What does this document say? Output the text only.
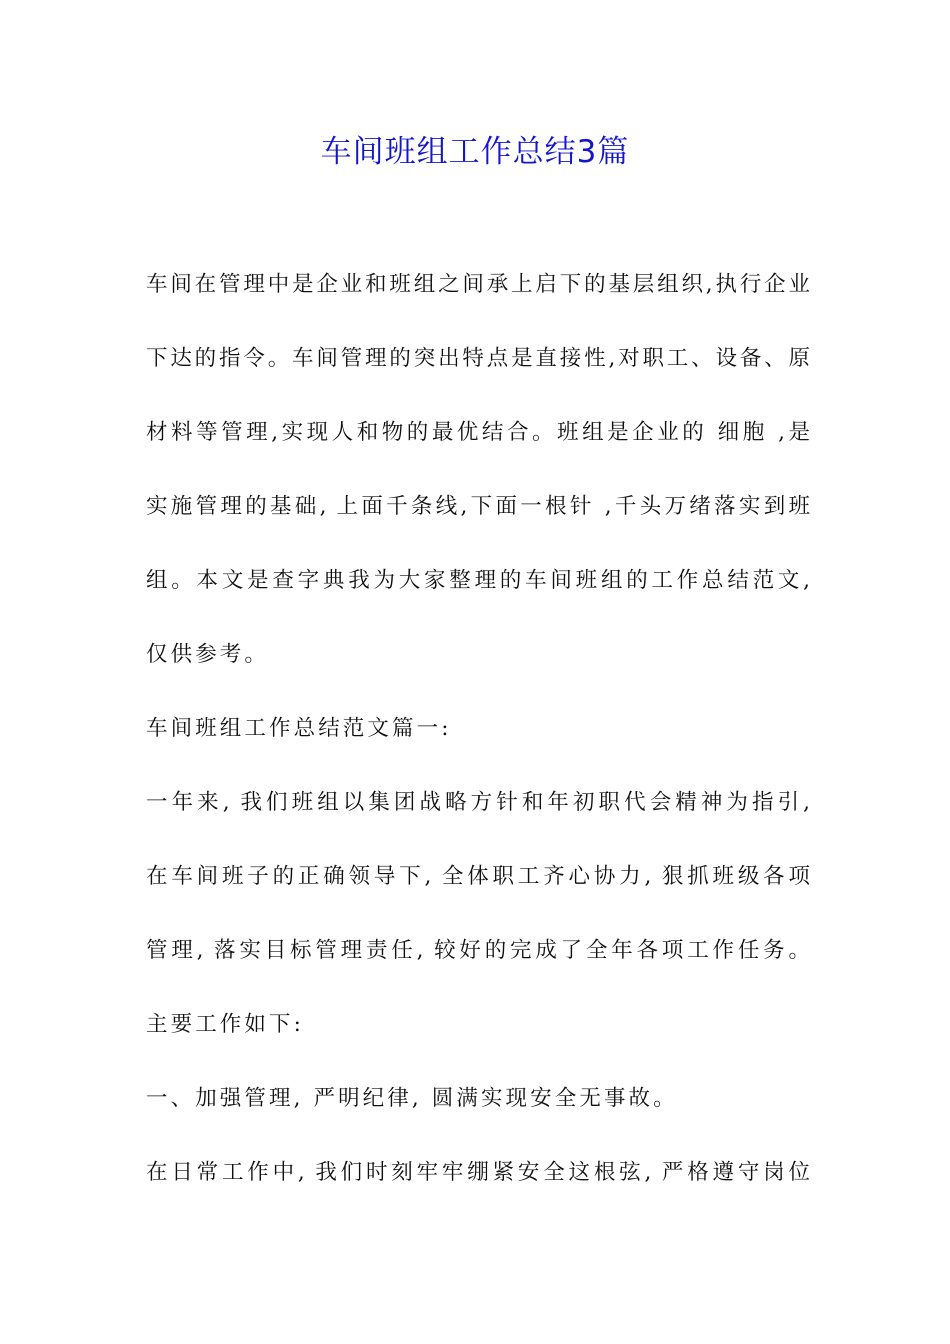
车间班组工作总结3篇

车间在管理中是企业和班组之间承上启下的基层组织,执行企业

下达的指令。车间管理的突出特点是直接性,对职工、设备、原

材料等管理,实现人和物的最优结合。班组是企业的 细胞 ,是

实施管理的基础, 上面千条线,下面一根针 ,千头万绪落实到班

组。本文是查字典我为大家整理的车间班组的工作总结范文,

仅供参考。

车间班组工作总结范文篇一:

一年来, 我们班组以集团战略方针和年初职代会精神为指引,

在车间班子的正确领导下, 全体职工齐心协力, 狠抓班级各项

管理, 落实目标管理责任, 较好的完成了全年各项工作任务。

主要工作如下:

一、加强管理, 严明纪律, 圆满实现安全无事故。

在日常工作中, 我们时刻牢牢绷紧安全这根弦, 严格遵守岗位
